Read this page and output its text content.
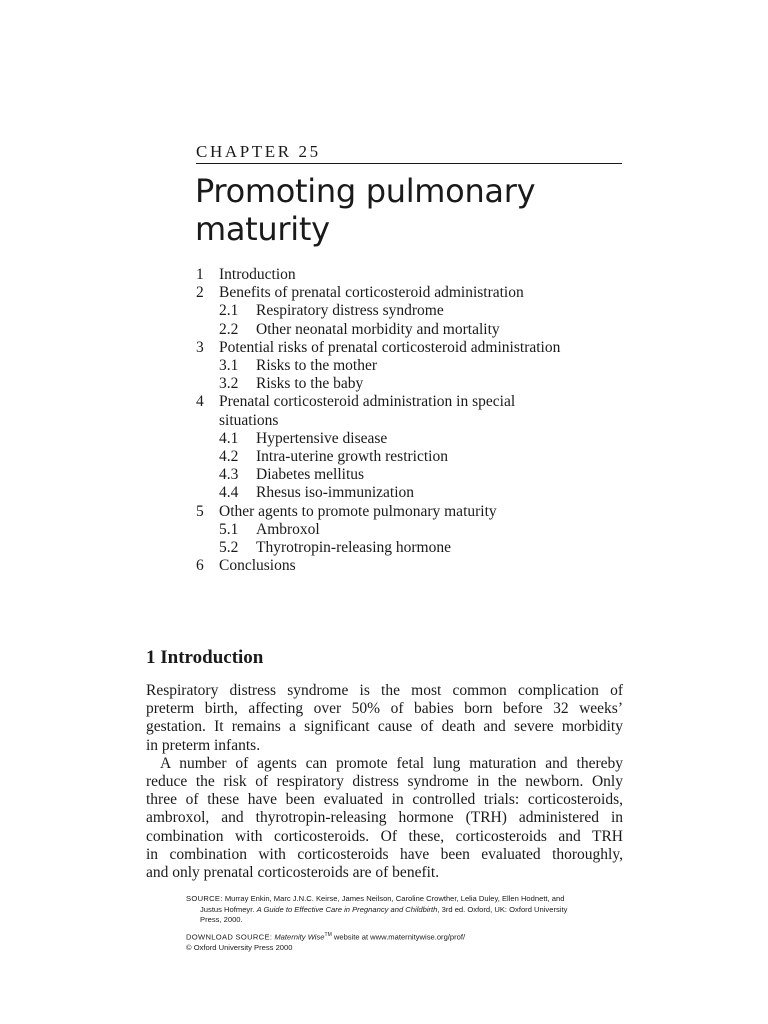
CHAPTER 25
Promoting pulmonary
maturity
1 Introduction
2 Benefits of prenatal corticosteroid administration
2.1	Respiratory distress syndrome
2.2	Other neonatal morbidity and mortality
3 Potential risks of prenatal corticosteroid administration
3.1	Risks to the mother
3.2	Risks to the baby
4 Prenatal corticosteroid administration in special
situations
4.1	Hypertensive disease
4.2	Intra-uterine growth restriction
4.3	Diabetes mellitus
4.4	Rhesus iso-immunization
5 Other agents to promote pulmonary maturity
5.1	Ambroxol
5.2	Thyrotropin-releasing hormone
6 Conclusions
1 Introduction
Respiratory distress syndrome is the most common complication of
preterm birth, affecting over 50% of babies born before 32 weeks’
gestation. It remains a significant cause of death and severe morbidity
in preterm infants.
A number of agents can promote fetal lung maturation and thereby
reduce the risk of respiratory distress syndrome in the newborn. Only
three of these have been evaluated in controlled trials: corticosteroids,
ambroxol, and thyrotropin-releasing hormone (TRH) administered in
combination with corticosteroids. Of these, corticosteroids and TRH
in combination with corticosteroids have been evaluated thoroughly,
and only prenatal corticosteroids are of benefit.

SOURCE: Murray Enkin, Marc J.N.C. Keirse, James Neilson, Caroline Crowther, Lelia Duley, Ellen Hodnett, and

Justus Hofmeyr. A Guide to Effective Care in Pregnancy and Childbirth, 3rd ed. Oxford, UK: Oxford University

Press, 2000.

DOWNLOAD SOURCE: Maternity Wise™ website at www.maternitywise.org/prof/

© Oxford University Press 2000
